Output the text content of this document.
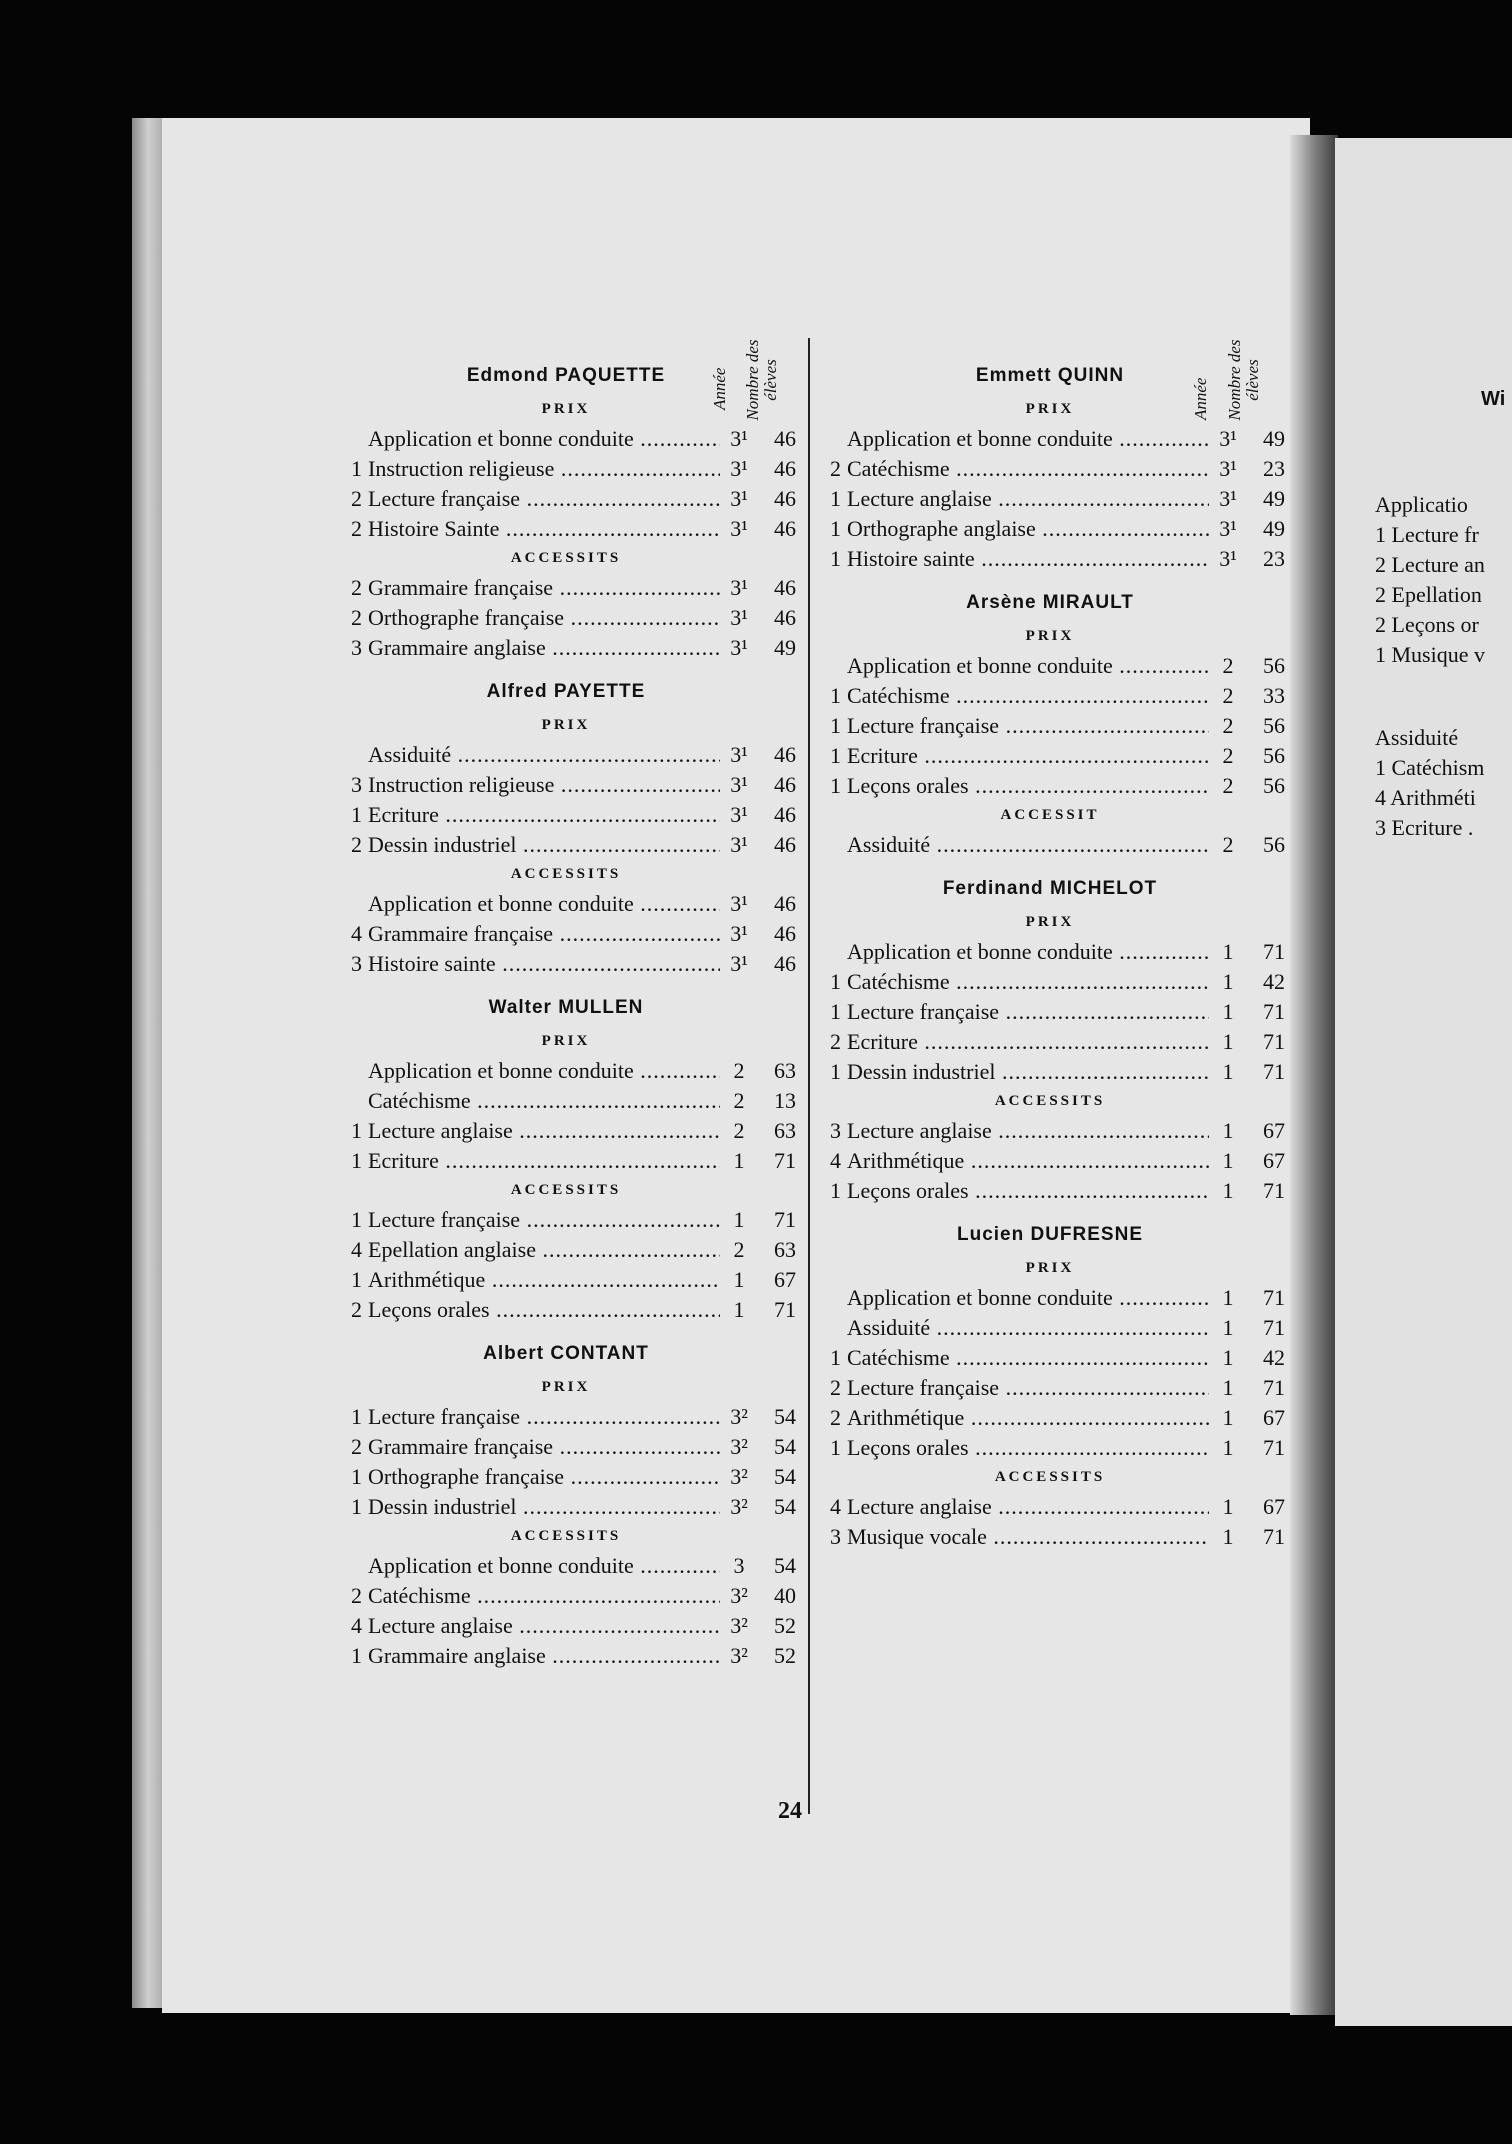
Wi
Applicatio
1 Lecture fr
2 Lecture an
2 Epellation
2 Leçons or
1 Musique v
Assiduité
1 Catéchism
4 Arithméti
3 Ecriture .
Année Nombre des élèves	Année Nombre des élèves
Edmond PAQUETTE
PRIX
Application et bonne conduite .....	3¹	46
1 Instruction religieuse .....	3¹	46
2 Lecture française .....	3¹	46
2 Histoire Sainte .....	3¹	46
ACCESSITS
2 Grammaire française .....	3¹	46
2 Orthographe française .....	3¹	46
3 Grammaire anglaise .....	3¹	49
Alfred PAYETTE
PRIX
Assiduité .....	3¹	46
3 Instruction religieuse .....	3¹	46
1 Ecriture .....	3¹	46
2 Dessin industriel .....	3¹	46
ACCESSITS
Application et bonne conduite .....	3¹	46
4 Grammaire française .....	3¹	46
3 Histoire sainte .....	3¹	46
Walter MULLEN
PRIX
Application et bonne conduite .....	2	63
Catéchisme .....	2	13
1 Lecture anglaise .....	2	63
1 Ecriture .....	1	71
ACCESSITS
1 Lecture française .....	1	71
4 Epellation anglaise .....	2	63
1 Arithmétique .....	1	67
2 Leçons orales .....	1	71
Albert CONTANT
PRIX
1 Lecture française .....	3²	54
2 Grammaire française .....	3²	54
1 Orthographe française .....	3²	54
1 Dessin industriel .....	3²	54
ACCESSITS
Application et bonne conduite .....	3	54
2 Catéchisme .....	3²	40
4 Lecture anglaise .....	3²	52
1 Grammaire anglaise .....	3²	52
Emmett QUINN
PRIX
Application et bonne conduite .....	3¹	49
2 Catéchisme .....	3¹	23
1 Lecture anglaise .....	3¹	49
1 Orthographe anglaise .....	3¹	49
1 Histoire sainte .....	3¹	23
Arsène MIRAULT
PRIX
Application et bonne conduite .....	2	56
1 Catéchisme .....	2	33
1 Lecture française .....	2	56
1 Ecriture .....	2	56
1 Leçons orales .....	2	56
ACCESSIT
Assiduité .....	2	56
Ferdinand MICHELOT
PRIX
Application et bonne conduite .....	1	71
1 Catéchisme .....	1	42
1 Lecture française .....	1	71
2 Ecriture .....	1	71
1 Dessin industriel .....	1	71
ACCESSITS
3 Lecture anglaise .....	1	67
4 Arithmétique .....	1	67
1 Leçons orales .....	1	71
Lucien DUFRESNE
PRIX
Application et bonne conduite .....	1	71
Assiduité .....	1	71
1 Catéchisme .....	1	42
2 Lecture française .....	1	71
2 Arithmétique .....	1	67
1 Leçons orales .....	1	71
ACCESSITS
4 Lecture anglaise .....	1	67
3 Musique vocale .....	1	71
24
